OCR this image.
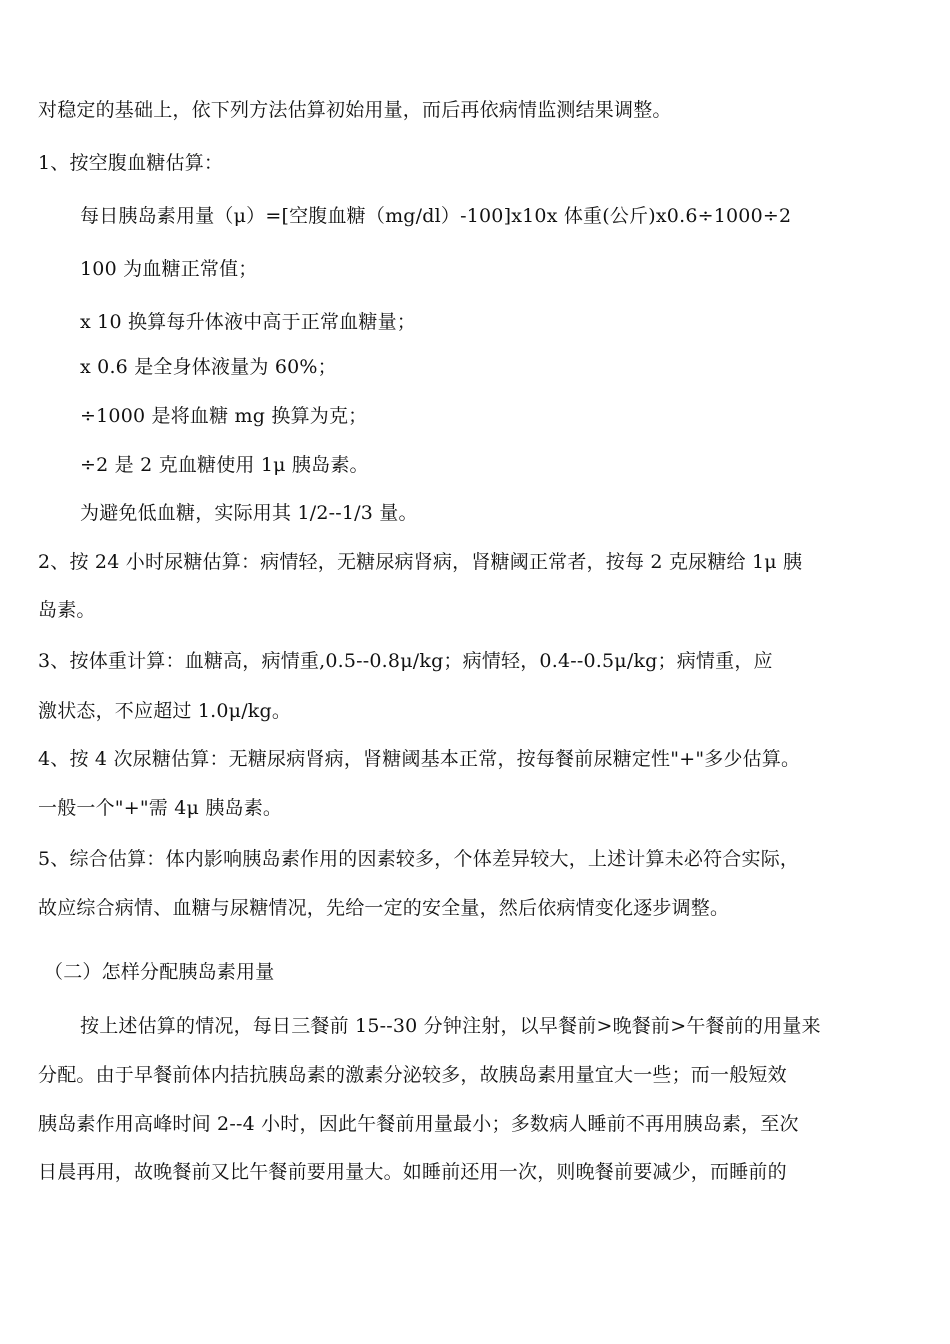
对稳定的基础上，依下列方法估算初始用量，而后再依病情监测结果调整。
1、按空腹血糖估算：
每日胰岛素用量（μ）=[空腹血糖（mg/dl）-100]x10x 体重(公斤)x0.6÷1000÷2
100 为血糖正常值；
x 10 换算每升体液中高于正常血糖量；
x 0.6 是全身体液量为 60%；
÷1000 是将血糖 mg 换算为克；
÷2 是 2 克血糖使用 1μ 胰岛素。
为避免低血糖，实际用其 1/2--1/3 量。
2、按 24 小时尿糖估算：病情轻，无糖尿病肾病，肾糖阈正常者，按每 2 克尿糖给 1μ 胰
岛素。
3、按体重计算：血糖高，病情重,0.5--0.8μ/kg；病情轻，0.4--0.5μ/kg；病情重，应
激状态，不应超过 1.0μ/kg。
4、按 4 次尿糖估算：无糖尿病肾病，肾糖阈基本正常，按每餐前尿糖定性"+"多少估算。
一般一个"+"需 4μ 胰岛素。
5、综合估算：体内影响胰岛素作用的因素较多，个体差异较大，上述计算未必符合实际，
故应综合病情、血糖与尿糖情况，先给一定的安全量，然后依病情变化逐步调整。
（二）怎样分配胰岛素用量
按上述估算的情况，每日三餐前 15--30 分钟注射，以早餐前>晚餐前>午餐前的用量来
分配。由于早餐前体内拮抗胰岛素的激素分泌较多，故胰岛素用量宜大一些；而一般短效
胰岛素作用高峰时间 2--4 小时，因此午餐前用量最小；多数病人睡前不再用胰岛素，至次
日晨再用，故晚餐前又比午餐前要用量大。如睡前还用一次，则晚餐前要减少，而睡前的
